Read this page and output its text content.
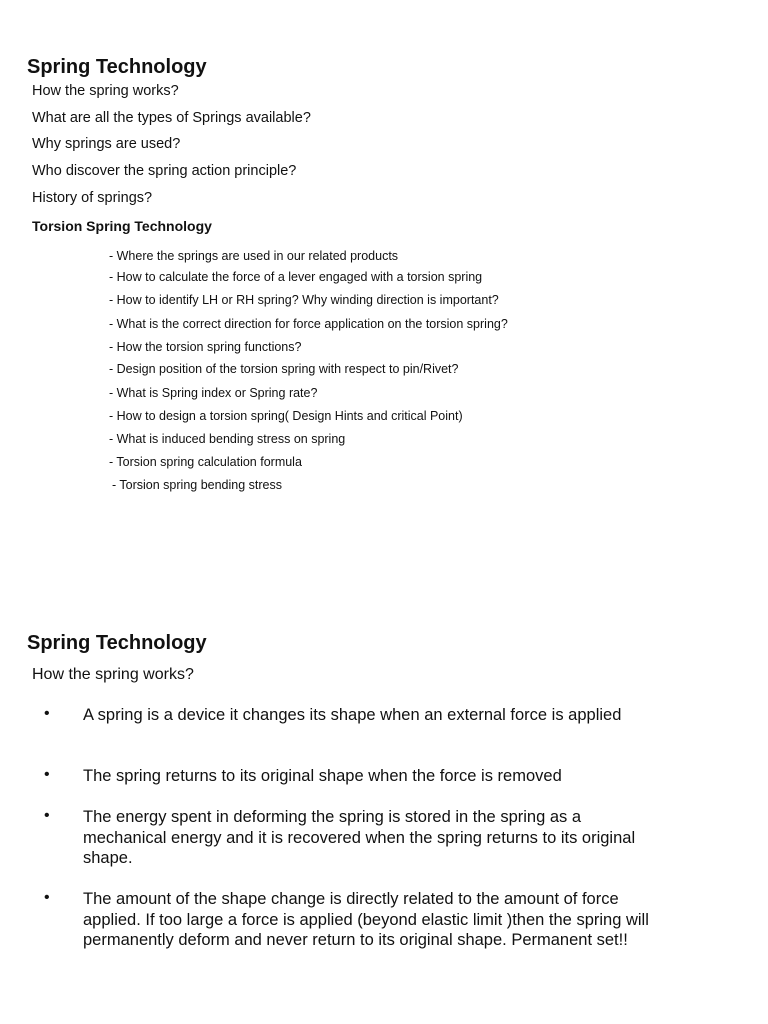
Spring Technology
How the spring works?
What are all the types of Springs available?
Why springs are used?
Who discover the spring action principle?
History of springs?
Torsion Spring Technology
- Where the springs are used in our related products
- How to calculate the force of a lever engaged with a torsion spring
- How to identify LH or RH spring? Why winding direction is important?
- What is the correct direction for force application on the torsion spring?
- How the torsion spring functions?
- Design position of the torsion spring with respect to pin/Rivet?
- What is Spring index or Spring rate?
- How to design a torsion spring( Design Hints and critical Point)
- What is induced bending stress on spring
- Torsion spring calculation formula
- Torsion spring bending stress
Spring Technology
How the spring works?
• A spring is a device it changes its shape when an external force is applied
• The spring returns to its original shape when the force is removed
• The energy spent in deforming the spring is stored in the spring as a mechanical energy and it is recovered when the spring returns to its original shape.
• The amount of the shape change is directly related to the amount of force applied. If too large a force is applied (beyond elastic limit )then the spring will permanently deform and never return to its original shape. Permanent set!!
